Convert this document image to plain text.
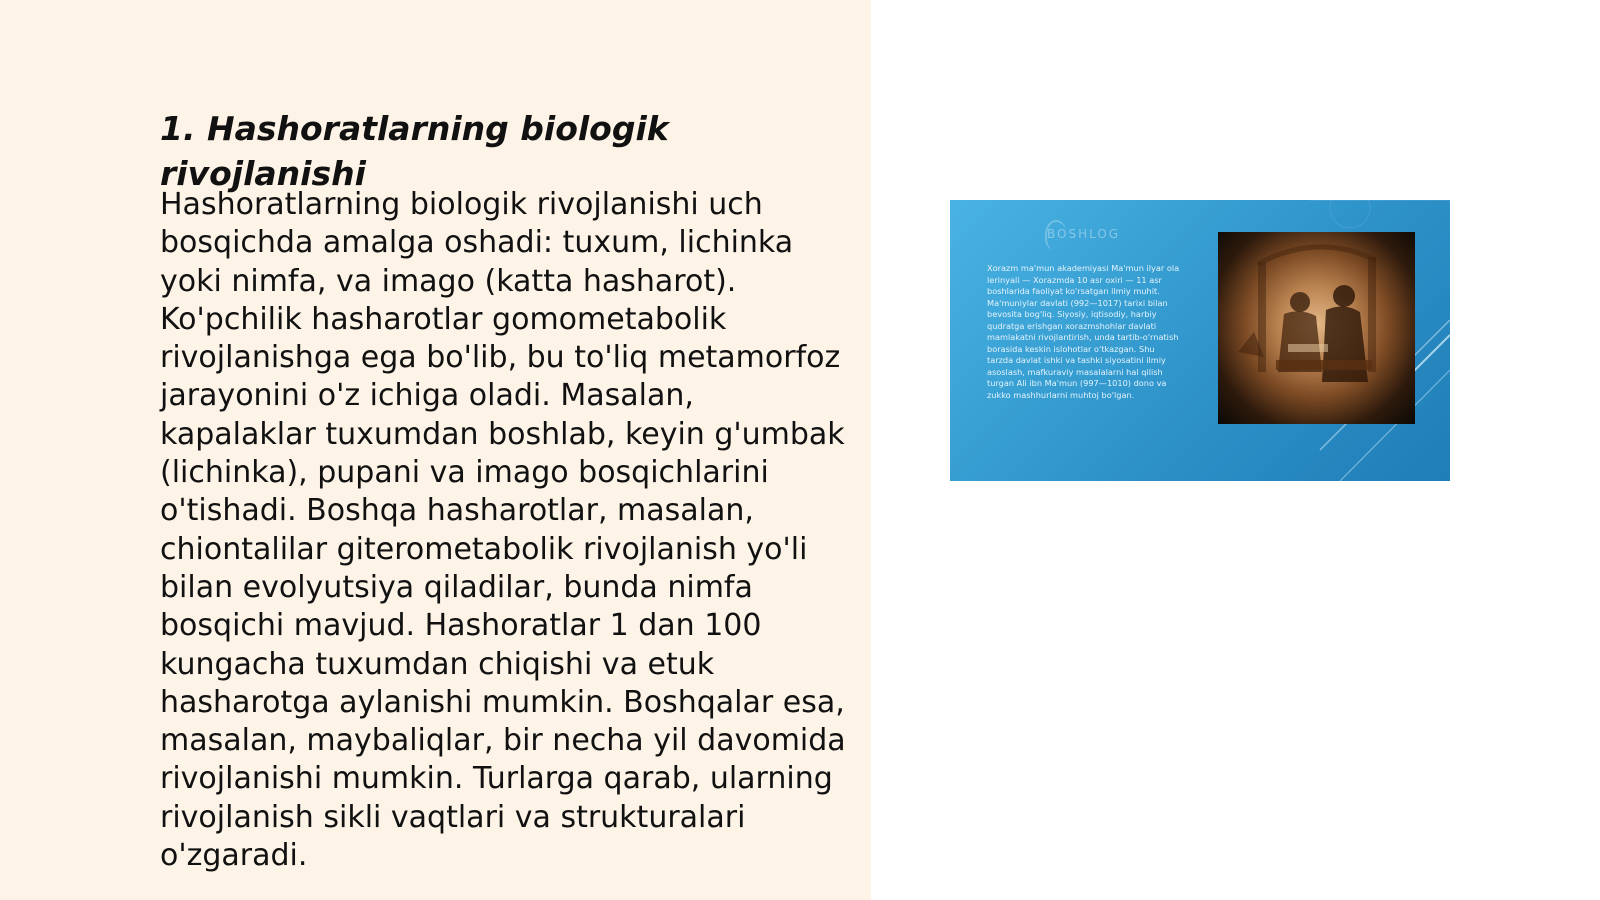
1. Hashoratlarning biologik rivojlanishi

Hashoratlarning biologik rivojlanishi uch bosqichda amalga oshadi: tuxum, lichinka yoki nimfa, va imago (katta hasharot). Ko'pchilik hasharotlar gomometabolik rivojlanishga ega bo'lib, bu to'liq metamorfoz jarayonini o'z ichiga oladi. Masalan, kapalaklar tuxumdan boshlab, keyin g'umbak (lichinka), pupani va imago bosqichlarini o'tishadi. Boshqa hasharotlar, masalan, chiontalilar giterometabolik rivojlanish yo'li bilan evolyutsiya qiladilar, bunda nimfa bosqichi mavjud. Hashoratlar 1 dan 100 kungacha tuxumdan chiqishi va etuk hasharotga aylanishi mumkin. Boshqalar esa, masalan, maybaliqlar, bir necha yil davomida rivojlanishi mumkin. Turlarga qarab, ularning rivojlanish sikli vaqtlari va strukturalari o'zgaradi.

BOSHLOG
Xorazm ma'mun akademiyasi Ma'mun ilyar ola lerinyali — Xorazmda 10 asr oxiri — 11 asr boshlarida faoliyat ko'rsatgan ilmiy muhit. Ma'muniylar davlati (992—1017) tarixi bilan bevosita bog'liq. Siyosiy, iqtisodiy, harbiy qudratga erishgan xorazmshohlar davlati mamlakatni rivojlantirish, unda tartib-o'rnatish borasida keskin islohotlar o'tkazgan. Shu tarzda davlat ishki va tashki siyosatini ilmiy asoslash, mafkuraviy masalalarni hal qilish turgan Ali ibn Ma'mun (997—1010) dono va zukko mashhurlarni muhtoj bo'lgan.
